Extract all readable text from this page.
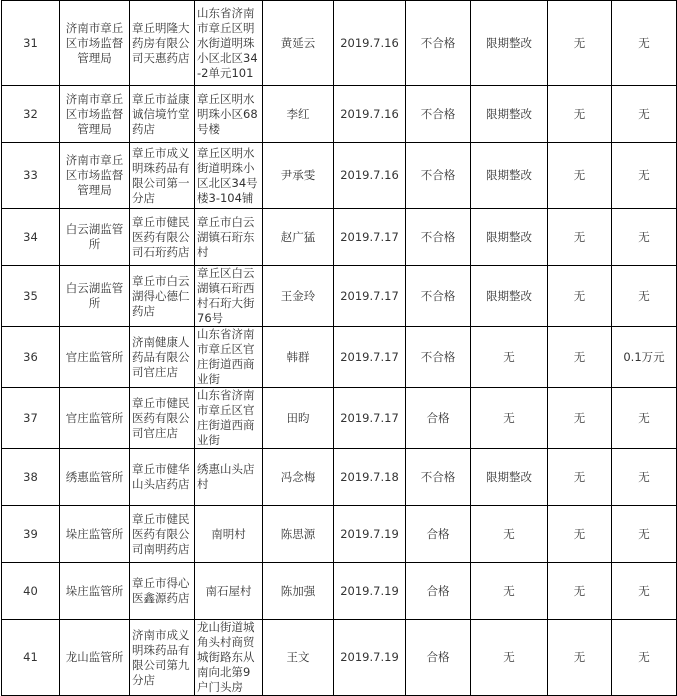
31	济南市章丘区市场监督管理局	章丘明隆大药房有限公司天惠药店	山东省济南市章丘区明水街道明珠小区北区34-2单元101	黄延云	2019.7.16	不合格	限期整改	无	无
32	济南市章丘区市场监督管理局	章丘市益康诚信境竹堂药店	章丘区明水明珠小区68号楼	李红	2019.7.16	不合格	限期整改	无	无
33	济南市章丘区市场监督管理局	章丘市成义明珠药品有限公司第一分店	章丘区明水街道明珠小区北区34号楼3-104铺	尹承雯	2019.7.16	不合格	限期整改	无	无
34	白云湖监管所	章丘市健民医药有限公司石珩药店	章丘市白云湖镇石珩东村	赵广猛	2019.7.17	不合格	限期整改	无	无
35	白云湖监管所	章丘市白云湖得心德仁药店	章丘区白云湖镇石珩西村石珩大街76号	王金玲	2019.7.17	不合格	限期整改	无	无
36	官庄监管所	济南健康人药品有限公司官庄店	山东省济南市章丘区官庄街道西商业街	韩群	2019.7.17	不合格	无	无	0.1万元
37	官庄监管所	章丘市健民医药有限公司官庄店	山东省济南市章丘区官庄街道西商业街	田昀	2019.7.17	合格	无	无	无
38	绣惠监管所	章丘市健华山头店药店	绣惠山头店村	冯念梅	2019.7.18	不合格	限期整改	无	无
39	垛庄监管所	章丘市健民医药有限公司南明药店	南明村	陈思源	2019.7.19	合格	无	无	无
40	垛庄监管所	章丘市得心医鑫源药店	南石屋村	陈加强	2019.7.19	合格	无	无	无
41	龙山监管所	济南市成义明珠药品有限公司第九分店	龙山街道城角头村商贸城街路东从南向北第9户门头房	王文	2019.7.19	合格	无	无	无
